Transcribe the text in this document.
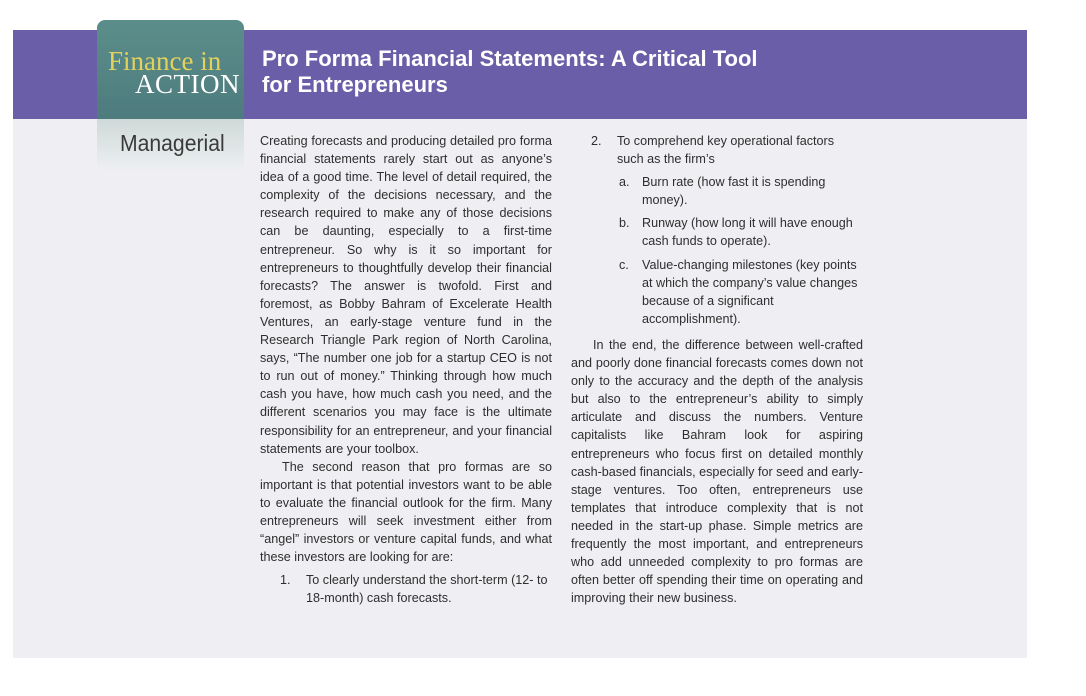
Finance in
ACTION
Managerial
Pro Forma Financial Statements: A Critical Tool for Entrepreneurs

Creating forecasts and producing detailed pro forma financial statements rarely start out as anyone’s idea of a good time. The level of detail required, the complexity of the decisions necessary, and the research required to make any of those decisions can be daunting, especially to a first-time entrepreneur. So why is it so important for entrepreneurs to thoughtfully develop their financial forecasts? The answer is twofold. First and foremost, as Bobby Bahram of Excelerate Health Ventures, an early-stage venture fund in the Research Triangle Park region of North Carolina, says, “The number one job for a startup CEO is not to run out of money.” Thinking through how much cash you have, how much cash you need, and the different scenarios you may face is the ultimate responsibility for an entrepreneur, and your financial statements are your toolbox.

The second reason that pro formas are so important is that potential investors want to be able to evaluate the financial outlook for the firm. Many entrepreneurs will seek investment either from “angel” investors or venture capital funds, and what these investors are looking for are:

1. To clearly understand the short-term (12- to 18-month) cash forecasts.

2. To comprehend key operational factors such as the firm’s

a. Burn rate (how fast it is spending money).

b. Runway (how long it will have enough cash funds to operate).

c. Value-changing milestones (key points at which the company’s value changes because of a significant accomplishment).

In the end, the difference between well-crafted and poorly done financial forecasts comes down not only to the accuracy and the depth of the analysis but also to the entrepreneur’s ability to simply articulate and discuss the numbers. Venture capitalists like Bahram look for aspiring entrepreneurs who focus first on detailed monthly cash-based financials, especially for seed and early-stage ventures. Too often, entrepreneurs use templates that introduce complexity that is not needed in the start-up phase. Simple metrics are frequently the most important, and entrepreneurs who add unneeded complexity to pro formas are often better off spending their time on operating and improving their new business.
